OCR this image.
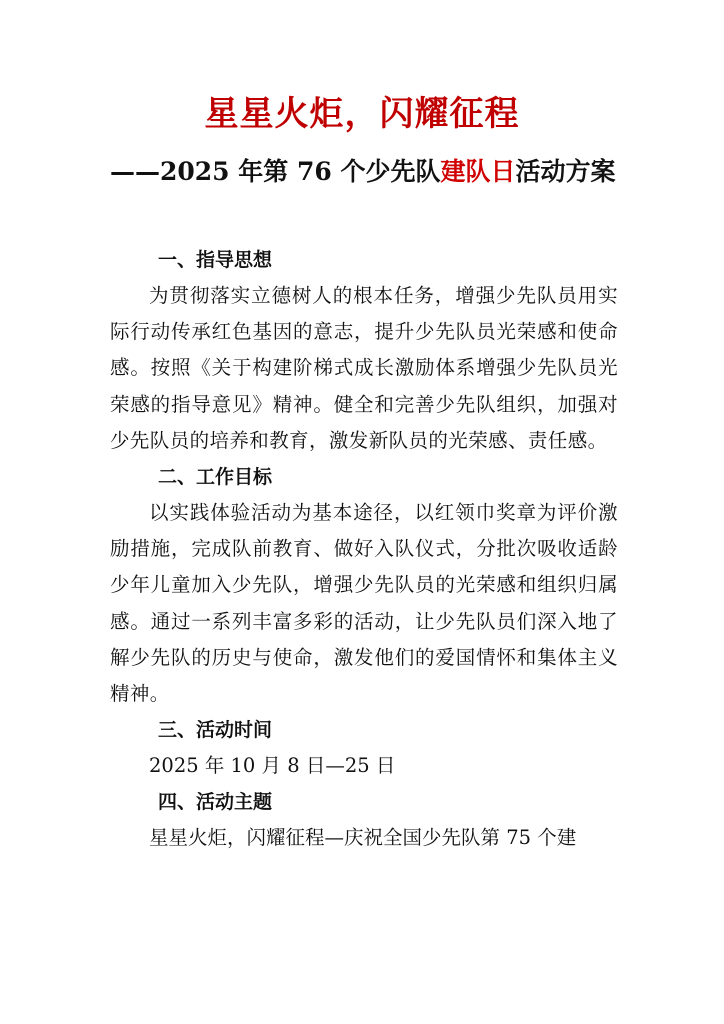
星星火炬，闪耀征程
——2025 年第 76 个少先队建队日活动方案
一、指导思想
为贯彻落实立德树人的根本任务，增强少先队员用实际行动传承红色基因的意志，提升少先队员光荣感和使命感。按照《关于构建阶梯式成长激励体系增强少先队员光荣感的指导意见》精神。健全和完善少先队组织，加强对少先队员的培养和教育，激发新队员的光荣感、责任感。
二、工作目标
以实践体验活动为基本途径，以红领巾奖章为评价激励措施，完成队前教育、做好入队仪式，分批次吸收适龄少年儿童加入少先队，增强少先队员的光荣感和组织归属感。通过一系列丰富多彩的活动，让少先队员们深入地了解少先队的历史与使命，激发他们的爱国情怀和集体主义精神。
三、活动时间
2025 年 10 月 8 日—25 日
四、活动主题
星星火炬，闪耀征程—庆祝全国少先队第 75 个建
